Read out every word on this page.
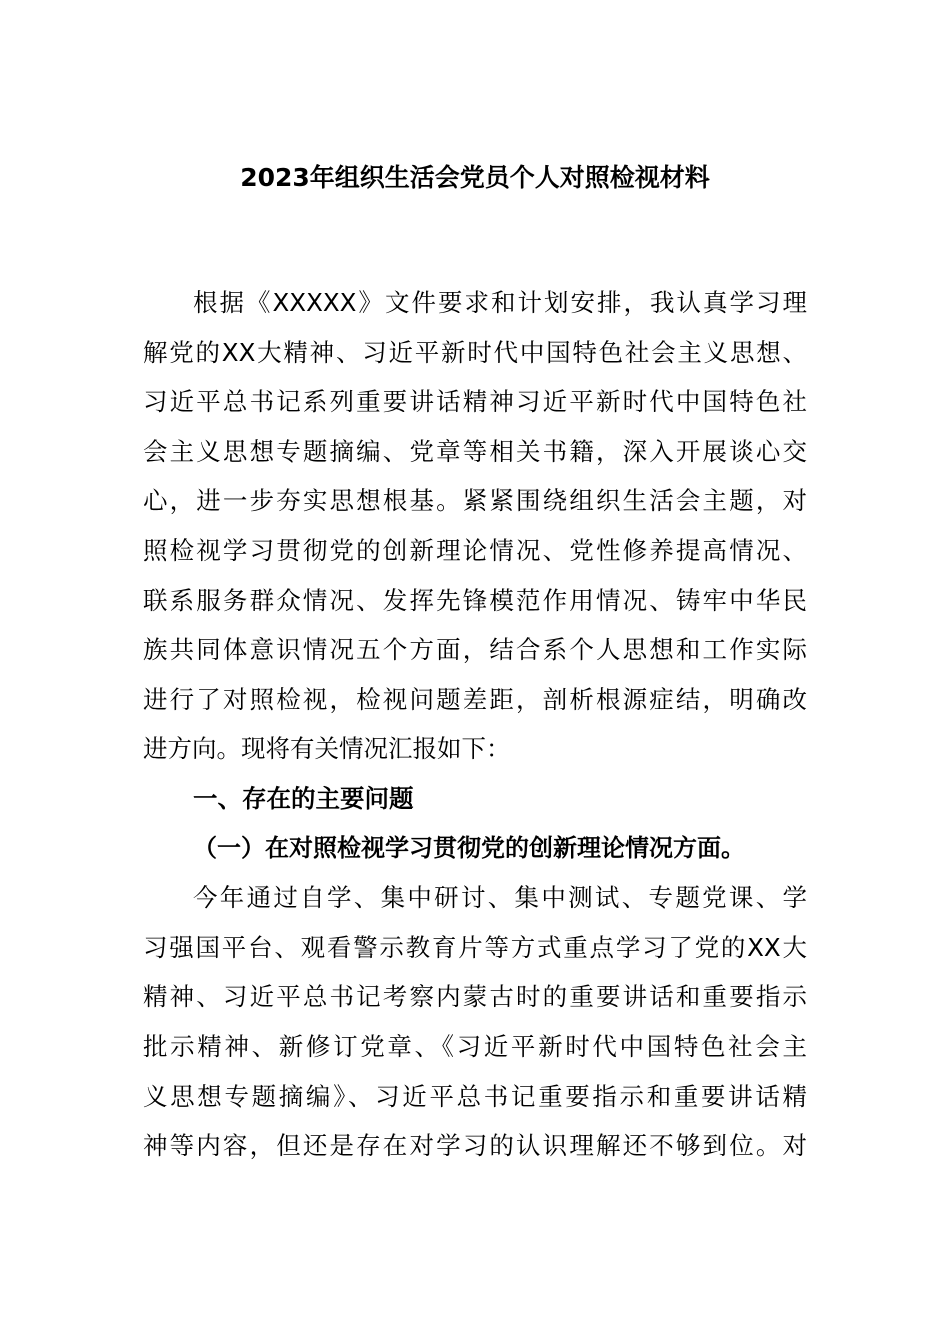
2023年组织生活会党员个人对照检视材料
根据《XXXXX》文件要求和计划安排，我认真学习理
解党的XX大精神、习近平新时代中国特色社会主义思想、
习近平总书记系列重要讲话精神习近平新时代中国特色社
会主义思想专题摘编、党章等相关书籍，深入开展谈心交
心，进一步夯实思想根基。紧紧围绕组织生活会主题，对
照检视学习贯彻党的创新理论情况、党性修养提高情况、
联系服务群众情况、发挥先锋模范作用情况、铸牢中华民
族共同体意识情况五个方面，结合系个人思想和工作实际
进行了对照检视，检视问题差距，剖析根源症结，明确改
进方向。现将有关情况汇报如下：
一、存在的主要问题
（一）在对照检视学习贯彻党的创新理论情况方面。
今年通过自学、集中研讨、集中测试、专题党课、学
习强国平台、观看警示教育片等方式重点学习了党的XX大
精神、习近平总书记考察内蒙古时的重要讲话和重要指示
批示精神、新修订党章、《习近平新时代中国特色社会主
义思想专题摘编》、习近平总书记重要指示和重要讲话精
神等内容，但还是存在对学习的认识理解还不够到位。对
